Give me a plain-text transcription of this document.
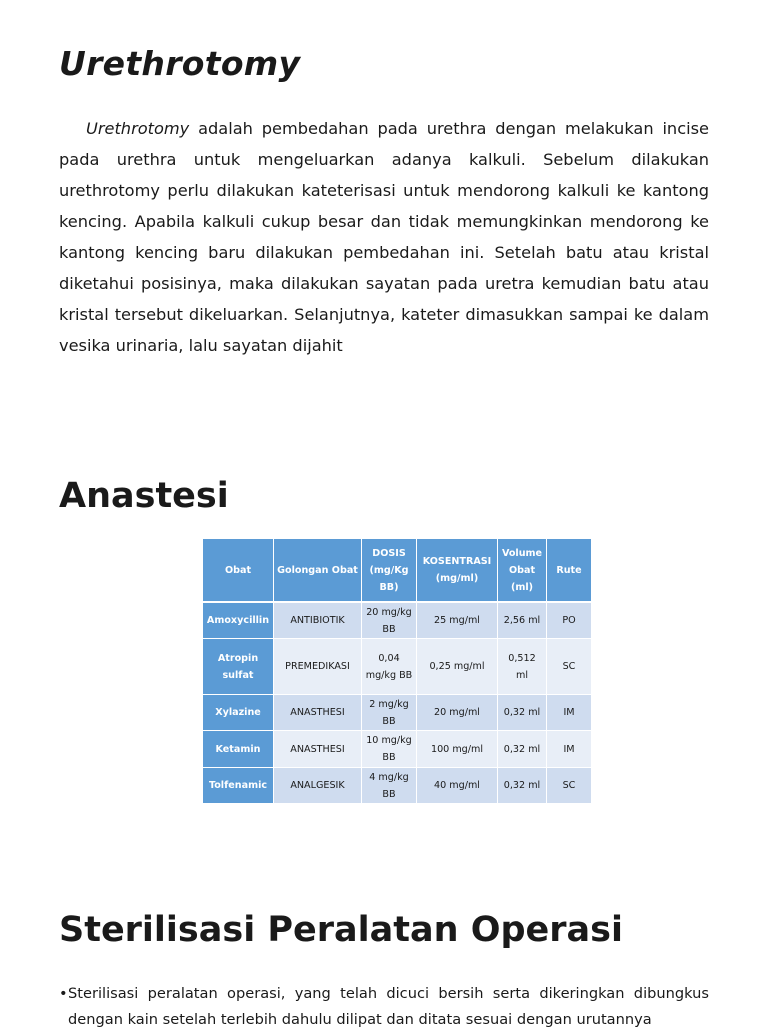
Urethrotomy

Urethrotomy adalah pembedahan pada urethra dengan melakukan incise pada urethra untuk mengeluarkan adanya kalkuli. Sebelum dilakukan urethrotomy perlu dilakukan kateterisasi untuk mendorong kalkuli ke kantong kencing. Apabila kalkuli cukup besar dan tidak memungkinkan mendorong ke kantong kencing baru dilakukan pembedahan ini. Setelah batu atau kristal diketahui posisinya, maka dilakukan sayatan pada uretra kemudian batu atau kristal tersebut dikeluarkan. Selanjutnya, kateter dimasukkan sampai ke dalam vesika urinaria, lalu sayatan dijahit

Anastesi
Obat	Golongan Obat	DOSIS (mg/Kg BB)	KOSENTRASI (mg/ml)	Volume Obat (ml)	Rute
Amoxycillin	ANTIBIOTIK	20 mg/kg BB	25 mg/ml	2,56 ml	PO
Atropin sulfat	PREMEDIKASI	0,04 mg/kg BB	0,25 mg/ml	0,512 ml	SC
Xylazine	ANASTHESI	2 mg/kg BB	20 mg/ml	0,32 ml	IM
Ketamin	ANASTHESI	10 mg/kg BB	100 mg/ml	0,32 ml	IM
Tolfenamic	ANALGESIK	4 mg/kg BB	40 mg/ml	0,32 ml	SC
Sterilisasi Peralatan Operasi

• Sterilisasi peralatan operasi, yang telah dicuci bersih serta dikeringkan dibungkus dengan kain setelah terlebih dahulu dilipat dan ditata sesuai dengan urutannya
